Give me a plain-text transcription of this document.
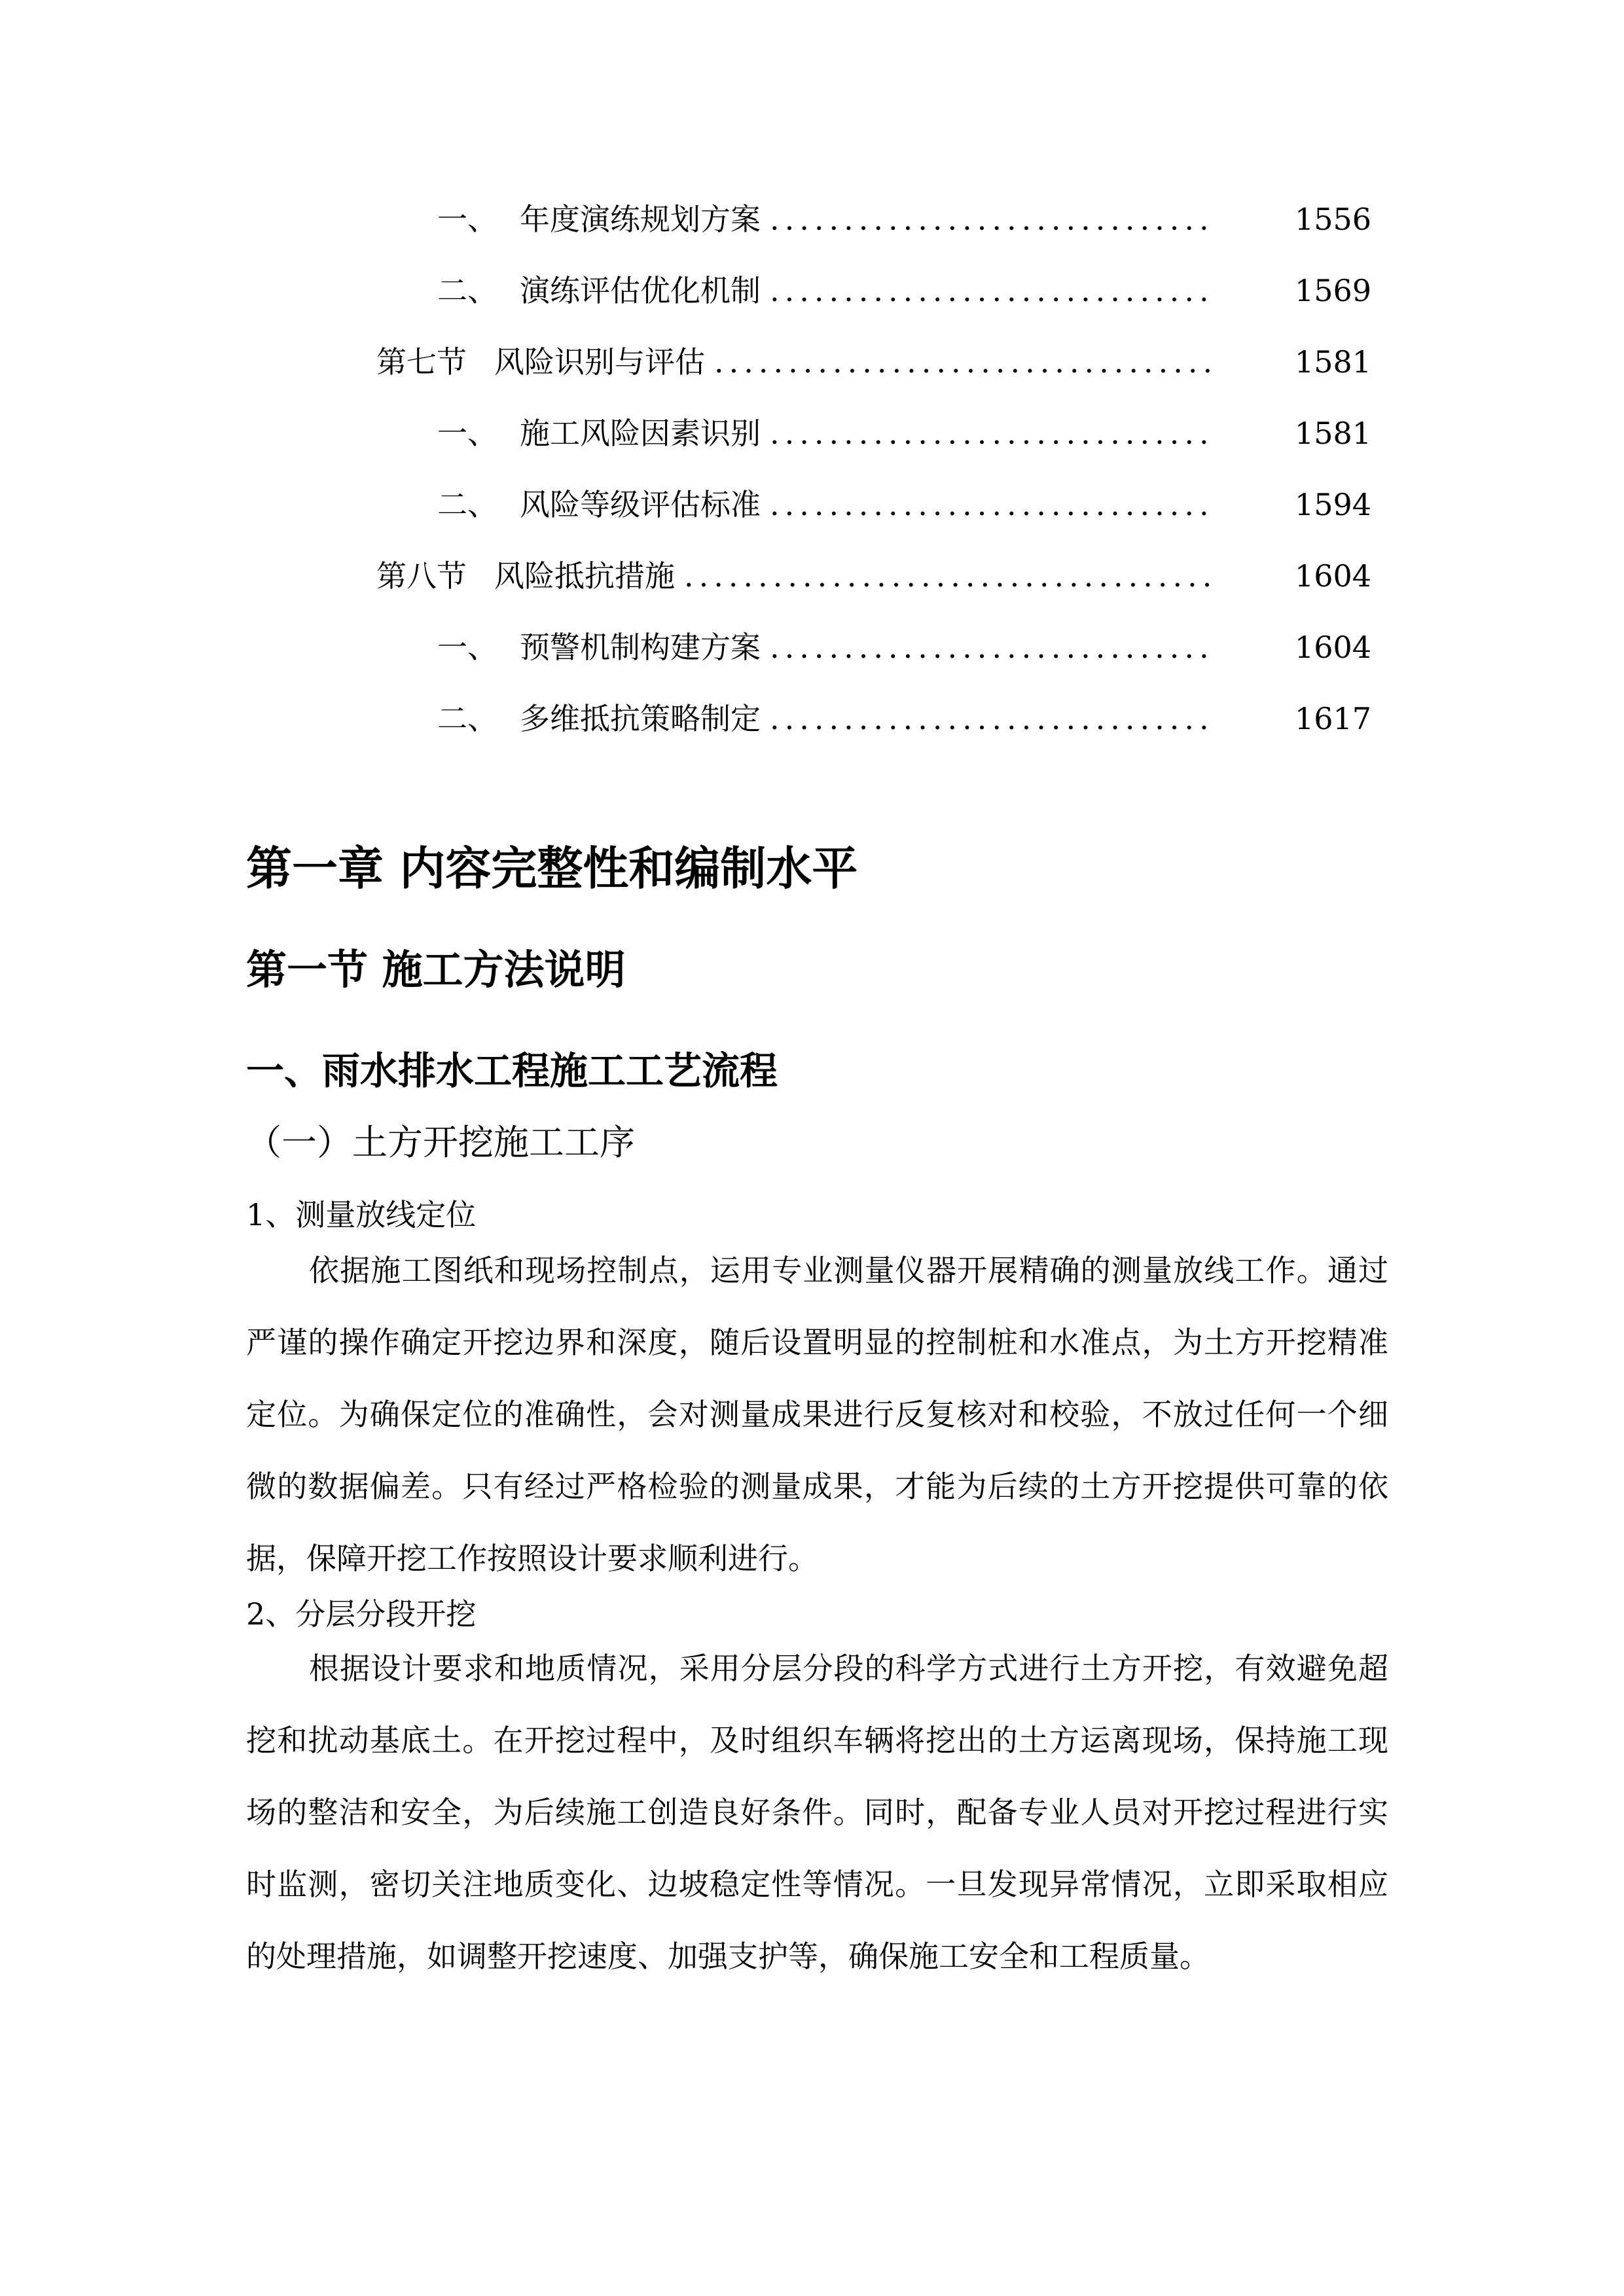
一、 年度演练规划方案 ..............................	1556
二、 演练评估优化机制 ..............................	1569
第七节 风险识别与评估 ..................................	1581
一、 施工风险因素识别 ..............................	1581
二、 风险等级评估标准 ..............................	1594
第八节 风险抵抗措施 ....................................	1604
一、 预警机制构建方案 ..............................	1604
二、 多维抵抗策略制定 ..............................	1617
第一章 内容完整性和编制水平
第一节 施工方法说明
一、雨水排水工程施工工艺流程
（一）土方开挖施工工序
1、测量放线定位

依据施工图纸和现场控制点，运用专业测量仪器开展精确的测量放线工作。通过严谨的操作确定开挖边界和深度，随后设置明显的控制桩和水准点，为土方开挖精准定位。为确保定位的准确性，会对测量成果进行反复核对和校验，不放过任何一个细微的数据偏差。只有经过严格检验的测量成果，才能为后续的土方开挖提供可靠的依据，保障开挖工作按照设计要求顺利进行。

2、分层分段开挖

根据设计要求和地质情况，采用分层分段的科学方式进行土方开挖，有效避免超挖和扰动基底土。在开挖过程中，及时组织车辆将挖出的土方运离现场，保持施工现场的整洁和安全，为后续施工创造良好条件。同时，配备专业人员对开挖过程进行实时监测，密切关注地质变化、边坡稳定性等情况。一旦发现异常情况，立即采取相应的处理措施，如调整开挖速度、加强支护等，确保施工安全和工程质量。
